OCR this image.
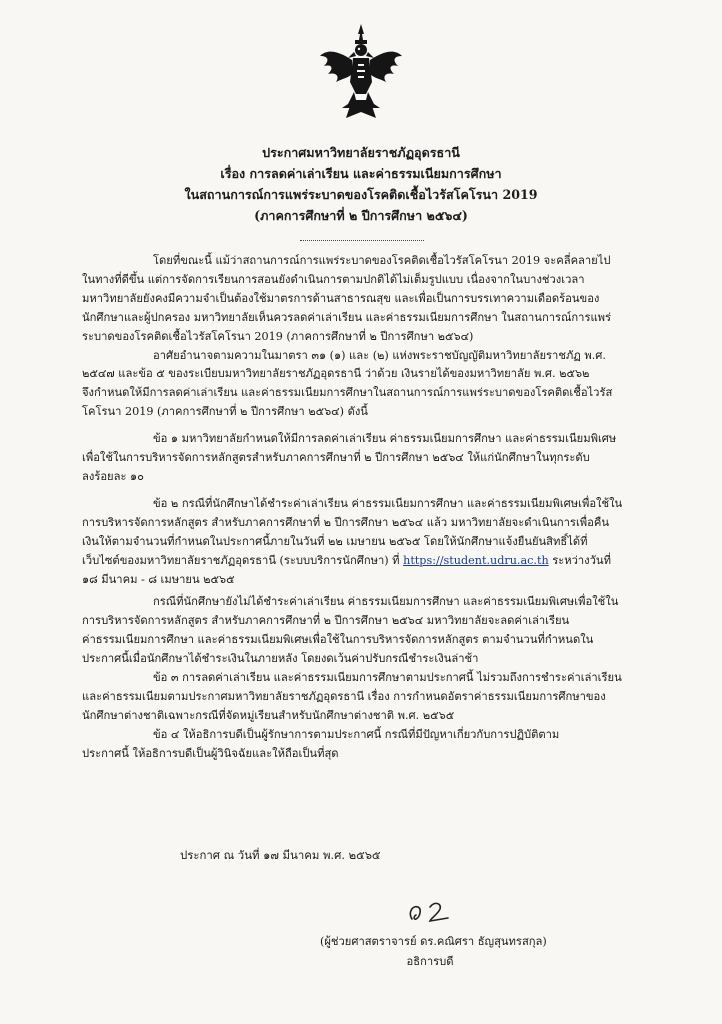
ประกาศมหาวิทยาลัยราชภัฏอุดรธานี
เรื่อง การลดค่าเล่าเรียน และค่าธรรมเนียมการศึกษา
ในสถานการณ์การแพร่ระบาดของโรคติดเชื้อไวรัสโคโรนา 2019
(ภาคการศึกษาที่ ๒ ปีการศึกษา ๒๕๖๔)
โดยที่ขณะนี้ แม้ว่าสถานการณ์การแพร่ระบาดของโรคติดเชื้อไวรัสโคโรนา 2019 จะคลี่คลายไป
ในทางที่ดีขึ้น แต่การจัดการเรียนการสอนยังดำเนินการตามปกติได้ไม่เต็มรูปแบบ เนื่องจากในบางช่วงเวลา
มหาวิทยาลัยยังคงมีความจำเป็นต้องใช้มาตรการด้านสาธารณสุข และเพื่อเป็นการบรรเทาความเดือดร้อนของ
นักศึกษาและผู้ปกครอง มหาวิทยาลัยเห็นควรลดค่าเล่าเรียน และค่าธรรมเนียมการศึกษา ในสถานการณ์การแพร่
ระบาดของโรคติดเชื้อไวรัสโคโรนา 2019 (ภาคการศึกษาที่ ๒ ปีการศึกษา ๒๕๖๔)
อาศัยอำนาจตามความในมาตรา ๓๑ (๑) และ (๒) แห่งพระราชบัญญัติมหาวิทยาลัยราชภัฏ พ.ศ.
๒๕๔๗ และข้อ ๕ ของระเบียบมหาวิทยาลัยราชภัฏอุดรธานี ว่าด้วย เงินรายได้ของมหาวิทยาลัย พ.ศ. ๒๕๖๒
จึงกำหนดให้มีการลดค่าเล่าเรียน และค่าธรรมเนียมการศึกษาในสถานการณ์การแพร่ระบาดของโรคติดเชื้อไวรัส
โคโรนา 2019 (ภาคการศึกษาที่ ๒ ปีการศึกษา ๒๕๖๔) ดังนี้
ข้อ ๑ มหาวิทยาลัยกำหนดให้มีการลดค่าเล่าเรียน ค่าธรรมเนียมการศึกษา และค่าธรรมเนียมพิเศษ
เพื่อใช้ในการบริหารจัดการหลักสูตรสำหรับภาคการศึกษาที่ ๒ ปีการศึกษา ๒๕๖๔ ให้แก่นักศึกษาในทุกระดับ
ลงร้อยละ ๑๐
ข้อ ๒ กรณีที่นักศึกษาได้ชำระค่าเล่าเรียน ค่าธรรมเนียมการศึกษา และค่าธรรมเนียมพิเศษเพื่อใช้ใน
การบริหารจัดการหลักสูตร สำหรับภาคการศึกษาที่ ๒ ปีการศึกษา ๒๕๖๔ แล้ว มหาวิทยาลัยจะดำเนินการเพื่อคืน
เงินให้ตามจำนวนที่กำหนดในประกาศนี้ภายในวันที่ ๒๒ เมษายน ๒๕๖๕ โดยให้นักศึกษาแจ้งยืนยันสิทธิ์ได้ที่
เว็บไซต์ของมหาวิทยาลัยราชภัฏอุดรธานี (ระบบบริการนักศึกษา) ที่ https://student.udru.ac.th ระหว่างวันที่
๑๘ มีนาคม - ๘ เมษายน ๒๕๖๕
กรณีที่นักศึกษายังไม่ได้ชำระค่าเล่าเรียน ค่าธรรมเนียมการศึกษา และค่าธรรมเนียมพิเศษเพื่อใช้ใน
การบริหารจัดการหลักสูตร สำหรับภาคการศึกษาที่ ๒ ปีการศึกษา ๒๕๖๔ มหาวิทยาลัยจะลดค่าเล่าเรียน
ค่าธรรมเนียมการศึกษา และค่าธรรมเนียมพิเศษเพื่อใช้ในการบริหารจัดการหลักสูตร ตามจำนวนที่กำหนดใน
ประกาศนี้เมื่อนักศึกษาได้ชำระเงินในภายหลัง โดยงดเว้นค่าปรับกรณีชำระเงินล่าช้า
ข้อ ๓ การลดค่าเล่าเรียน และค่าธรรมเนียมการศึกษาตามประกาศนี้ ไม่รวมถึงการชำระค่าเล่าเรียน
และค่าธรรมเนียมตามประกาศมหาวิทยาลัยราชภัฏอุดรธานี เรื่อง การกำหนดอัตราค่าธรรมเนียมการศึกษาของ
นักศึกษาต่างชาติเฉพาะกรณีที่จัดหมู่เรียนสำหรับนักศึกษาต่างชาติ พ.ศ. ๒๕๖๕
ข้อ ๔ ให้อธิการบดีเป็นผู้รักษาการตามประกาศนี้ กรณีที่มีปัญหาเกี่ยวกับการปฏิบัติตาม
ประกาศนี้ ให้อธิการบดีเป็นผู้วินิจฉัยและให้ถือเป็นที่สุด
ประกาศ ณ วันที่ ๑๗ มีนาคม พ.ศ. ๒๕๖๕
(ผู้ช่วยศาสตราจารย์ ดร.คณิศรา ธัญสุนทรสกุล)
อธิการบดี
